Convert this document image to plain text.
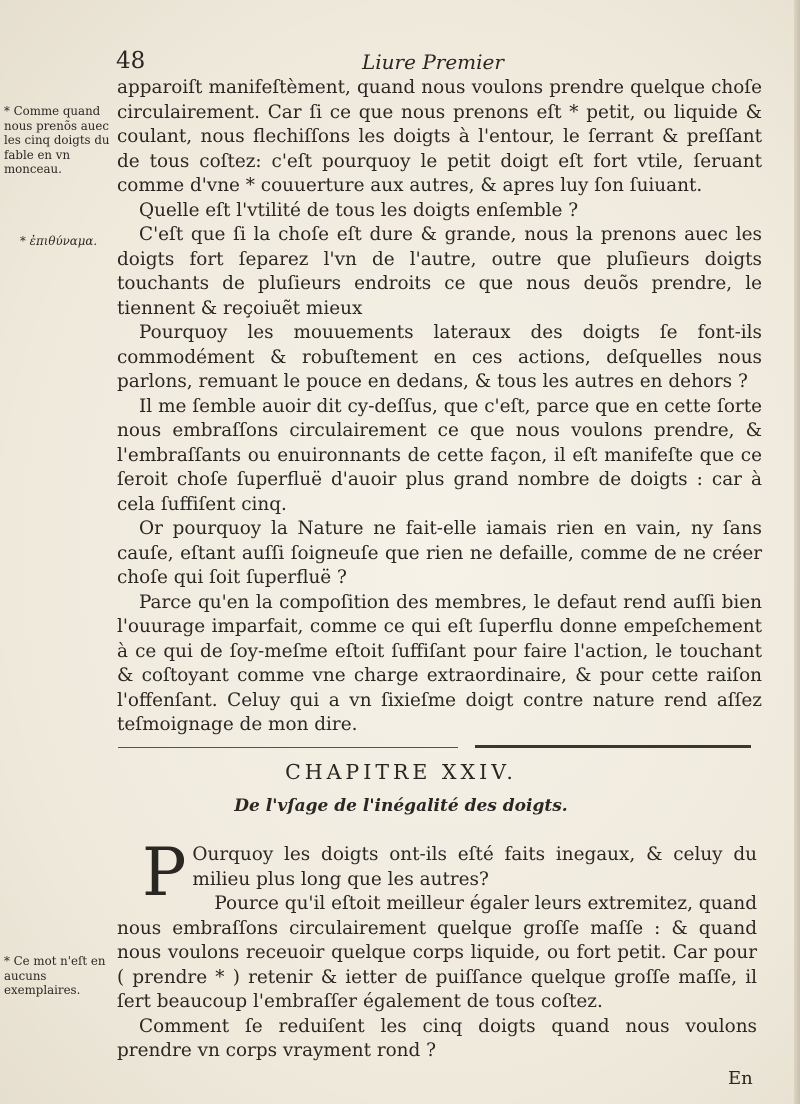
48	Liure Premier

* Comme quand nous prenõs auec les cinq doigts du fable en vn monceau.

* ἐπιθύναμα.

* Ce mot n'eſt en aucuns exemplaires.

apparoiſt manifeſtèment, quand nous voulons prendre quelque choſe circulairement. Car ſi ce que nous prenons eſt * petit, ou liquide & coulant, nous flechiſſons les doigts à l'entour, le ſerrant & preſſant de tous coſtez: c'eſt pourquoy le petit doigt eſt fort vtile, ſeruant comme d'vne * couuerture aux autres, & apres luy ſon ſuiuant.

Quelle eſt l'vtilité de tous les doigts enſemble ?

C'eſt que ſi la choſe eſt dure & grande, nous la prenons auec les doigts fort ſeparez l'vn de l'autre, outre que pluſieurs doigts touchants de pluſieurs endroits ce que nous deuõs prendre, le tiennent & reçoiuẽt mieux

Pourquoy les mouuements lateraux des doigts ſe font-ils commodément & robuſtement en ces actions, deſquelles nous parlons, remuant le pouce en dedans, & tous les autres en dehors ?

Il me ſemble auoir dit cy-deſſus, que c'eſt, parce que en cette ſorte nous embraſſons circulairement ce que nous voulons prendre, & l'embraſſants ou enuironnants de cette façon, il eſt manifeſte que ce ſeroit choſe ſuperfluë d'auoir plus grand nombre de doigts : car à cela ſuffiſent cinq.

Or pourquoy la Nature ne fait-elle iamais rien en vain, ny ſans cauſe, eſtant auſſi ſoigneuſe que rien ne defaille, comme de ne créer choſe qui ſoit ſuperfluë ?

Parce qu'en la compoſition des membres, le defaut rend auſſi bien l'ouurage imparfait, comme ce qui eſt ſuperflu donne empeſchement à ce qui de ſoy-meſme eſtoit ſuffiſant pour faire l'action, le touchant & coſtoyant comme vne charge extraordinaire, & pour cette raiſon l'offenſant. Celuy qui a vn ſixieſme doigt contre nature rend aſſez teſmoignage de mon dire.

CHAPITRE XXIV.
De l'vſage de l'inégalité des doigts.

P Ourquoy les doigts ont-ils eſté faits inegaux, & celuy du milieu plus long que les autres?

Pource qu'il eſtoit meilleur égaler leurs extremitez, quand nous embraſſons circulairement quelque groſſe maſſe : & quand nous voulons receuoir quelque corps liquide, ou fort petit. Car pour ( prendre * ) retenir & ietter de puiſſance quelque groſſe maſſe, il ſert beaucoup l'embraſſer également de tous coſtez.

Comment ſe reduiſent les cinq doigts quand nous voulons prendre vn corps vrayment rond ?

En
